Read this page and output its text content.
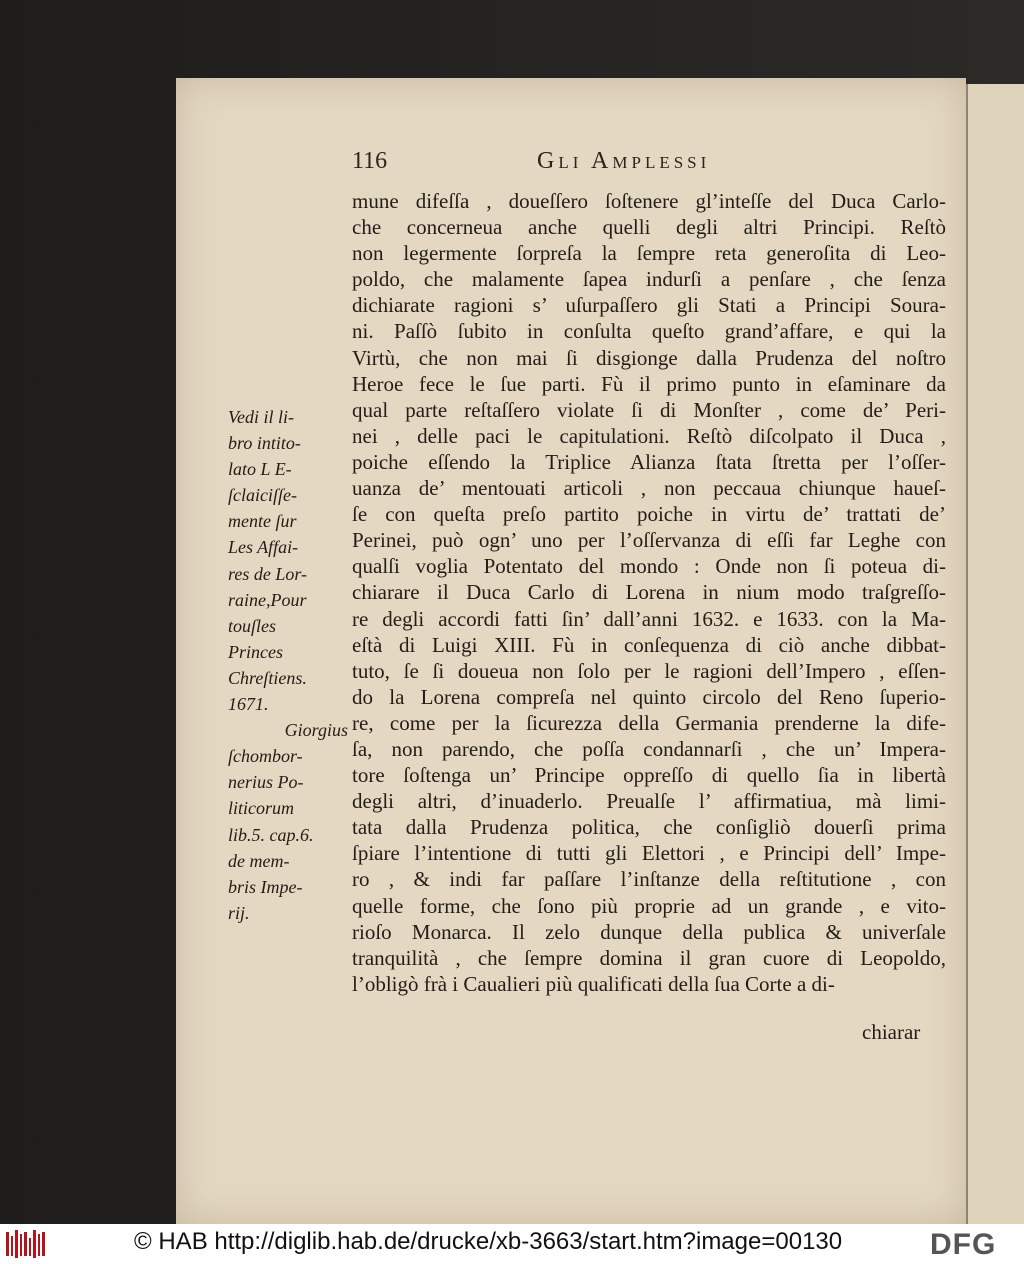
116	Gli Amplessi
Vedi il li-
bro intito-
lato L E-
ſclaiciſſe-
mente ſur
Les Affai-
res de Lor-
raine,Pour
touſles
Princes
Chreſtiens.
1671.
Giorgius
ſchombor-
nerius Po-
liticorum
lib.5. cap.6.
de mem-
bris Impe-
rij.
mune difeſſa , doueſſero ſoſtenere gl’inteſſe del Duca Carlo-
che concerneua anche quelli degli altri Principi. Reſtò
non legermente ſorpreſa la ſempre reta generoſita di Leo-
poldo, che malamente ſapea indurſi a penſare , che ſenza
dichiarate ragioni s’ uſurpaſſero gli Stati a Principi Soura-
ni. Paſſò ſubito in conſulta queſto grand’affare, e qui la
Virtù, che non mai ſi disgionge dalla Prudenza del noſtro
Heroe fece le ſue parti. Fù il primo punto in eſaminare da
qual parte reſtaſſero violate ſi di Monſter , come de’ Peri-
nei , delle paci le capitulationi. Reſtò diſcolpato il Duca ,
poiche eſſendo la Triplice Alianza ſtata ſtretta per l’oſſer-
uanza de’ mentouati articoli , non peccaua chiunque haueſ-
ſe con queſta preſo partito poiche in virtu de’ trattati de’
Perinei, può ogn’ uno per l’oſſervanza di eſſi far Leghe con
qualſi voglia Potentato del mondo : Onde non ſi poteua di-
chiarare il Duca Carlo di Lorena in nium modo traſgreſſo-
re degli accordi fatti ſin’ dall’anni 1632. e 1633. con la Ma-
eſtà di Luigi XIII. Fù in conſequenza di ciò anche dibbat-
tuto, ſe ſi doueua non ſolo per le ragioni dell’Impero , eſſen-
do la Lorena compreſa nel quinto circolo del Reno ſuperio-
re, come per la ſicurezza della Germania prenderne la dife-
ſa, non parendo, che poſſa condannarſi , che un’ Impera-
tore ſoſtenga un’ Principe oppreſſo di quello ſia in libertà
degli altri, d’inuaderlo. Preualſe l’ affirmatiua, mà limi-
tata dalla Prudenza politica, che conſigliò douerſi prima
ſpiare l’intentione di tutti gli Elettori , e Principi dell’ Impe-
ro , & indi far paſſare l’inſtanze della reſtitutione , con
quelle forme, che ſono più proprie ad un grande , e vito-
rioſo Monarca. Il zelo dunque della publica & univerſale
tranquilità , che ſempre domina il gran cuore di Leopoldo,
l’obligò frà i Caualieri più qualificati della ſua Corte a di-
chiarar
© HAB http://diglib.hab.de/drucke/xb-3663/start.htm?image=00130	DFG
